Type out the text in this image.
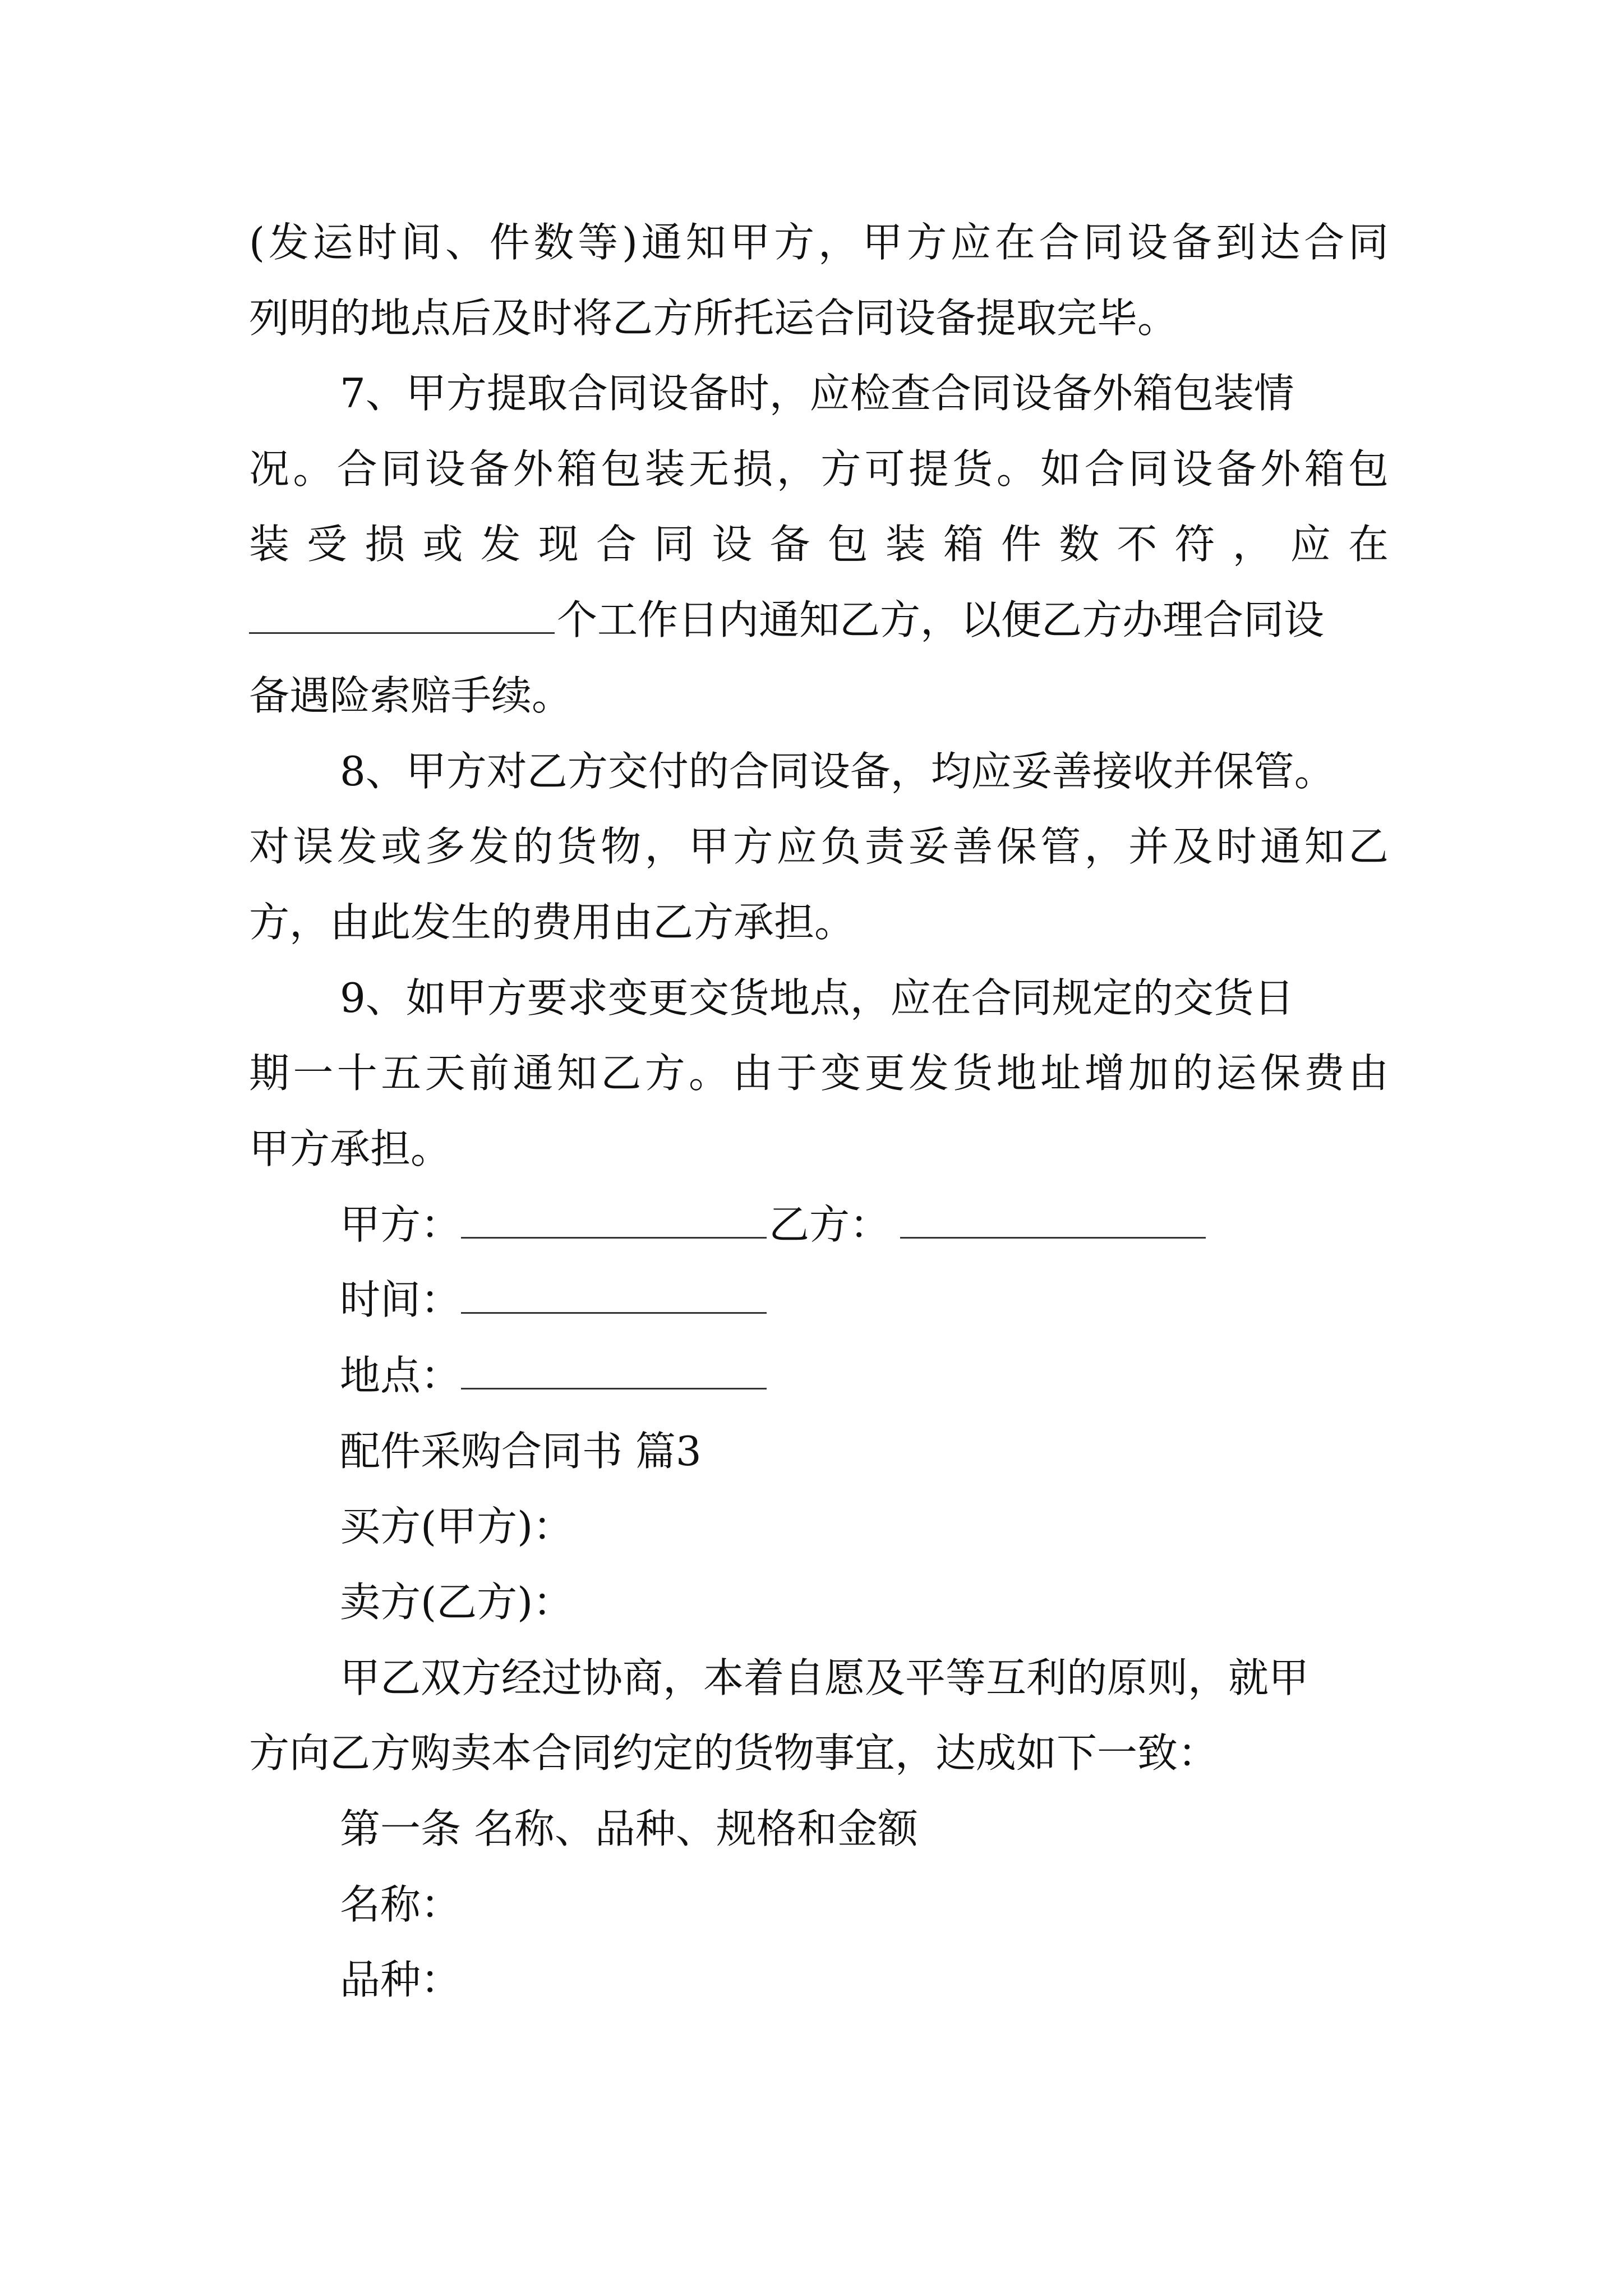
(发运时间、件数等)通知甲方，甲方应在合同设备到达合同
列明的地点后及时将乙方所托运合同设备提取完毕。
7、甲方提取合同设备时，应检查合同设备外箱包装情
况。合同设备外箱包装无损，方可提货。如合同设备外箱包
装受损或发现合同设备包装箱件数不符，应在
个工作日内通知乙方，以便乙方办理合同设
备遇险索赔手续。
8、甲方对乙方交付的合同设备，均应妥善接收并保管。
对误发或多发的货物，甲方应负责妥善保管，并及时通知乙
方，由此发生的费用由乙方承担。
9、如甲方要求变更交货地点，应在合同规定的交货日
期一十五天前通知乙方。由于变更发货地址增加的运保费由
甲方承担。
甲方：	乙方：
时间：
地点：
配件采购合同书 篇3
买方(甲方)：
卖方(乙方)：
甲乙双方经过协商，本着自愿及平等互利的原则，就甲
方向乙方购卖本合同约定的货物事宜，达成如下一致：
第一条 名称、品种、规格和金额
名称：
品种：
